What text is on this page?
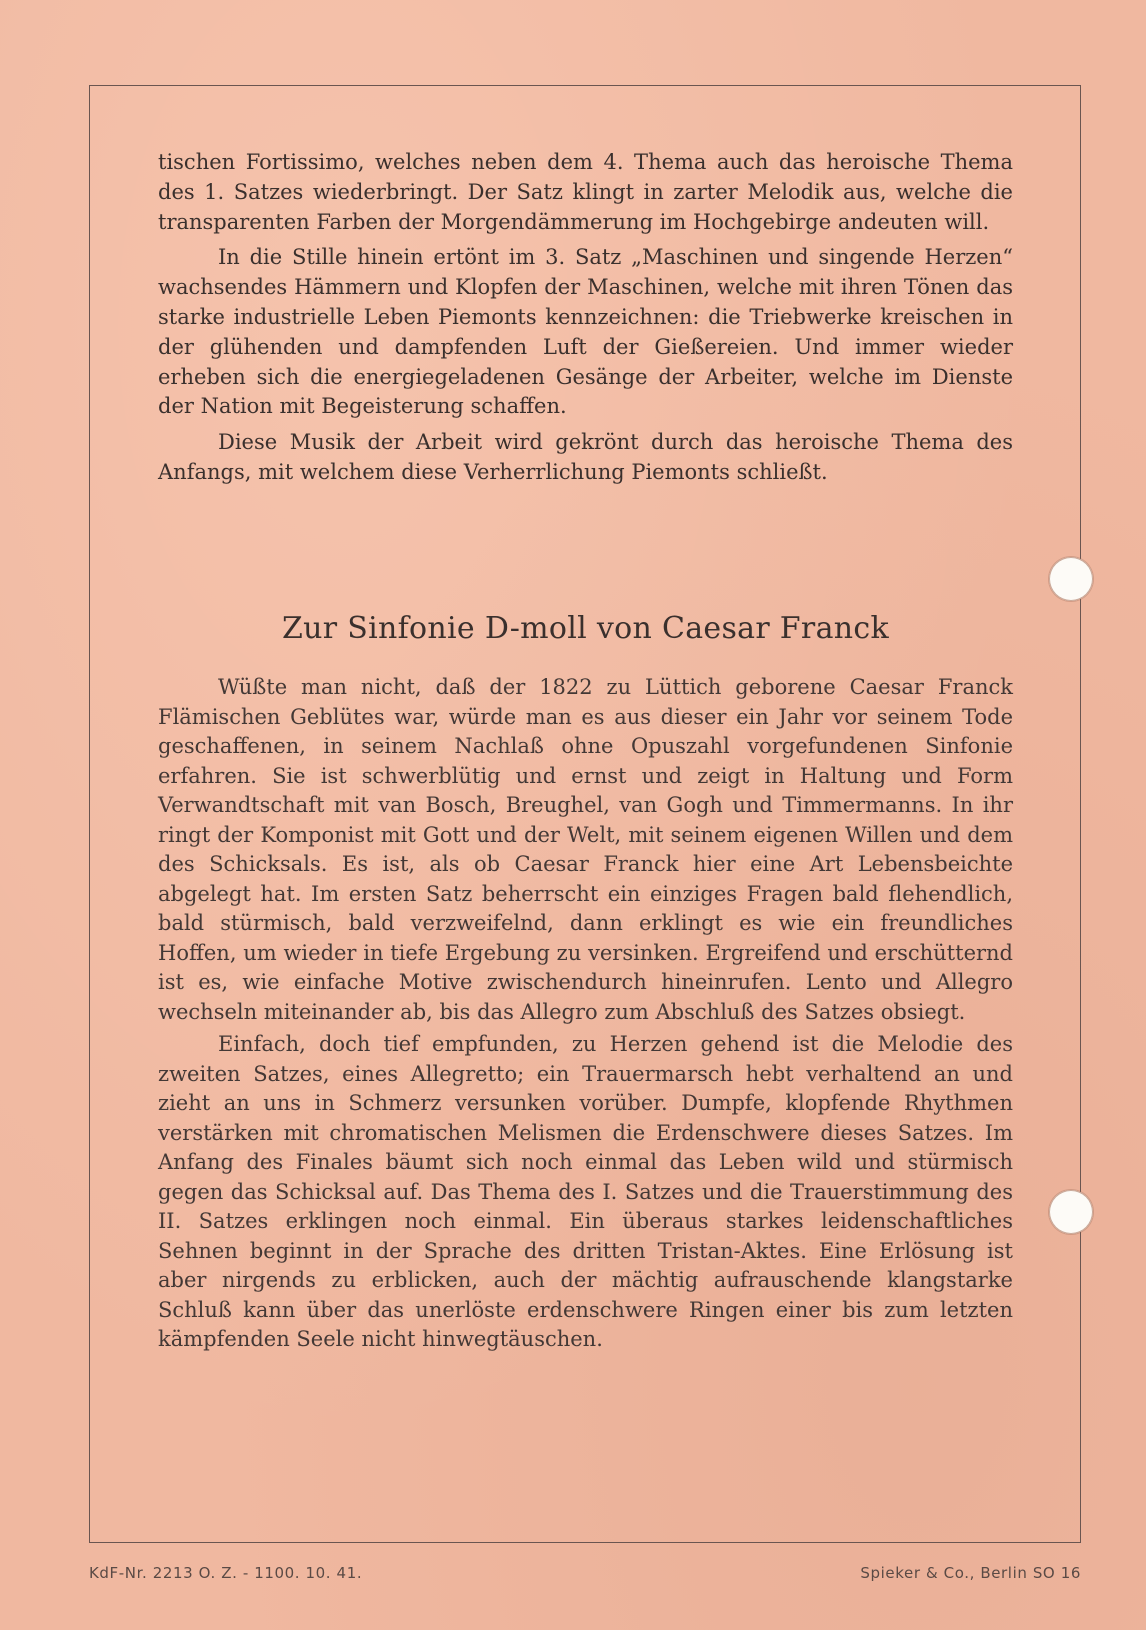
tischen Fortissimo, welches neben dem 4. Thema auch das heroische Thema des 1. Satzes wiederbringt. Der Satz klingt in zarter Melodik aus, welche die transparenten Farben der Morgendämmerung im Hochgebirge andeuten will.

In die Stille hinein ertönt im 3. Satz „Maschinen und singende Herzen“ wachsendes Hämmern und Klopfen der Maschinen, welche mit ihren Tönen das starke industrielle Leben Piemonts kennzeichnen: die Triebwerke kreischen in der glühenden und dampfenden Luft der Gießereien. Und immer wieder erheben sich die energiegeladenen Gesänge der Arbeiter, welche im Dienste der Nation mit Begeisterung schaffen.

Diese Musik der Arbeit wird gekrönt durch das heroische Thema des Anfangs, mit welchem diese Verherrlichung Piemonts schließt.

Zur Sinfonie D-moll von Caesar Franck

Wüßte man nicht, daß der 1822 zu Lüttich geborene Caesar Franck Flämischen Geblütes war, würde man es aus dieser ein Jahr vor seinem Tode geschaffenen, in seinem Nachlaß ohne Opuszahl vorgefundenen Sinfonie erfahren. Sie ist schwerblütig und ernst und zeigt in Haltung und Form Verwandtschaft mit van Bosch, Breughel, van Gogh und Timmermanns. In ihr ringt der Komponist mit Gott und der Welt, mit seinem eigenen Willen und dem des Schicksals. Es ist, als ob Caesar Franck hier eine Art Lebensbeichte abgelegt hat. Im ersten Satz beherrscht ein einziges Fragen bald flehendlich, bald stürmisch, bald verzweifelnd, dann erklingt es wie ein freundliches Hoffen, um wieder in tiefe Ergebung zu versinken. Ergreifend und erschütternd ist es, wie einfache Motive zwischendurch hineinrufen. Lento und Allegro wechseln miteinander ab, bis das Allegro zum Abschluß des Satzes obsiegt.

Einfach, doch tief empfunden, zu Herzen gehend ist die Melodie des zweiten Satzes, eines Allegretto; ein Trauermarsch hebt verhaltend an und zieht an uns in Schmerz versunken vorüber. Dumpfe, klopfende Rhythmen verstärken mit chromatischen Melismen die Erdenschwere dieses Satzes. Im Anfang des Finales bäumt sich noch einmal das Leben wild und stürmisch gegen das Schicksal auf. Das Thema des I. Satzes und die Trauerstimmung des II. Satzes erklingen noch einmal. Ein überaus starkes leidenschaftliches Sehnen beginnt in der Sprache des dritten Tristan-Aktes. Eine Erlösung ist aber nirgends zu erblicken, auch der mächtig aufrauschende klangstarke Schluß kann über das unerlöste erdenschwere Ringen einer bis zum letzten kämpfenden Seele nicht hinwegtäuschen.

KdF-Nr. 2213 O. Z. - 1100. 10. 41.	Spieker & Co., Berlin SO 16
